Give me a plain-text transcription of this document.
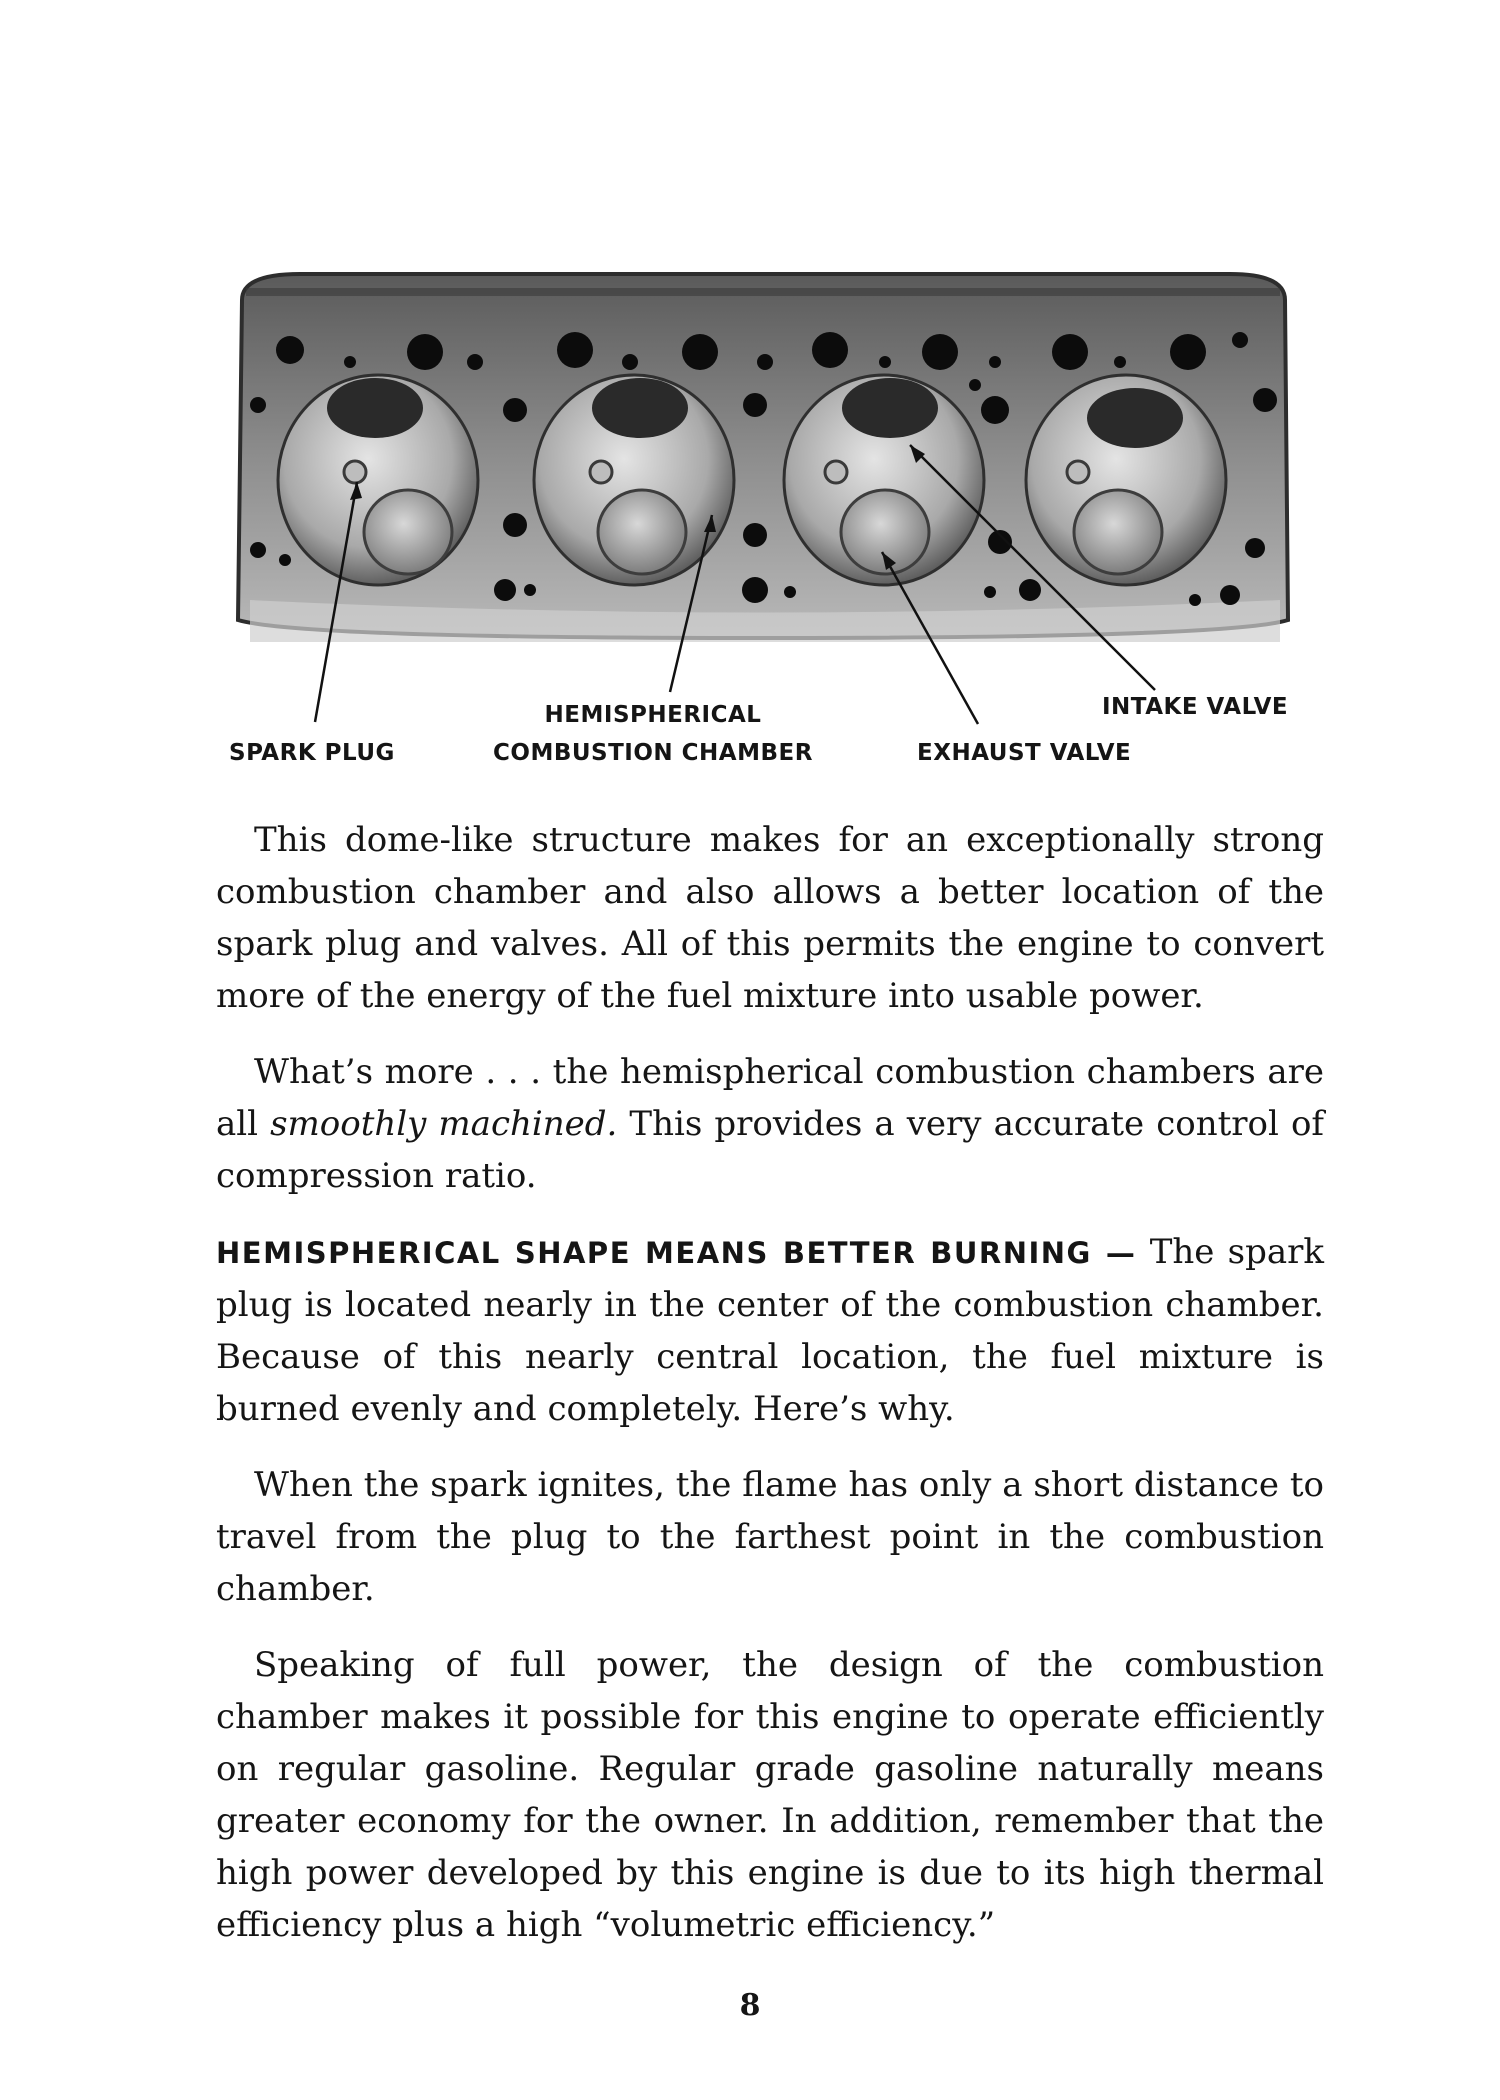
SPARK PLUG
HEMISPHERICAL
COMBUSTION CHAMBER
INTAKE VALVE
EXHAUST VALVE

This dome-like structure makes for an exceptionally strong combustion chamber and also allows a better location of the spark plug and valves. All of this permits the engine to convert more of the energy of the fuel mixture into usable power.

What’s more . . . the hemispherical combustion chambers are all smoothly machined. This provides a very accurate control of compression ratio.

HEMISPHERICAL SHAPE MEANS BETTER BURNING — The spark plug is located nearly in the center of the combustion chamber. Because of this nearly central location, the fuel mixture is burned evenly and completely. Here’s why.

When the spark ignites, the flame has only a short distance to travel from the plug to the farthest point in the combustion chamber.

Speaking of full power, the design of the combustion chamber makes it possible for this engine to operate efficiently on regular gasoline. Regular grade gasoline naturally means greater economy for the owner. In addition, remember that the high power developed by this engine is due to its high thermal efficiency plus a high “volumetric efficiency.”

8
